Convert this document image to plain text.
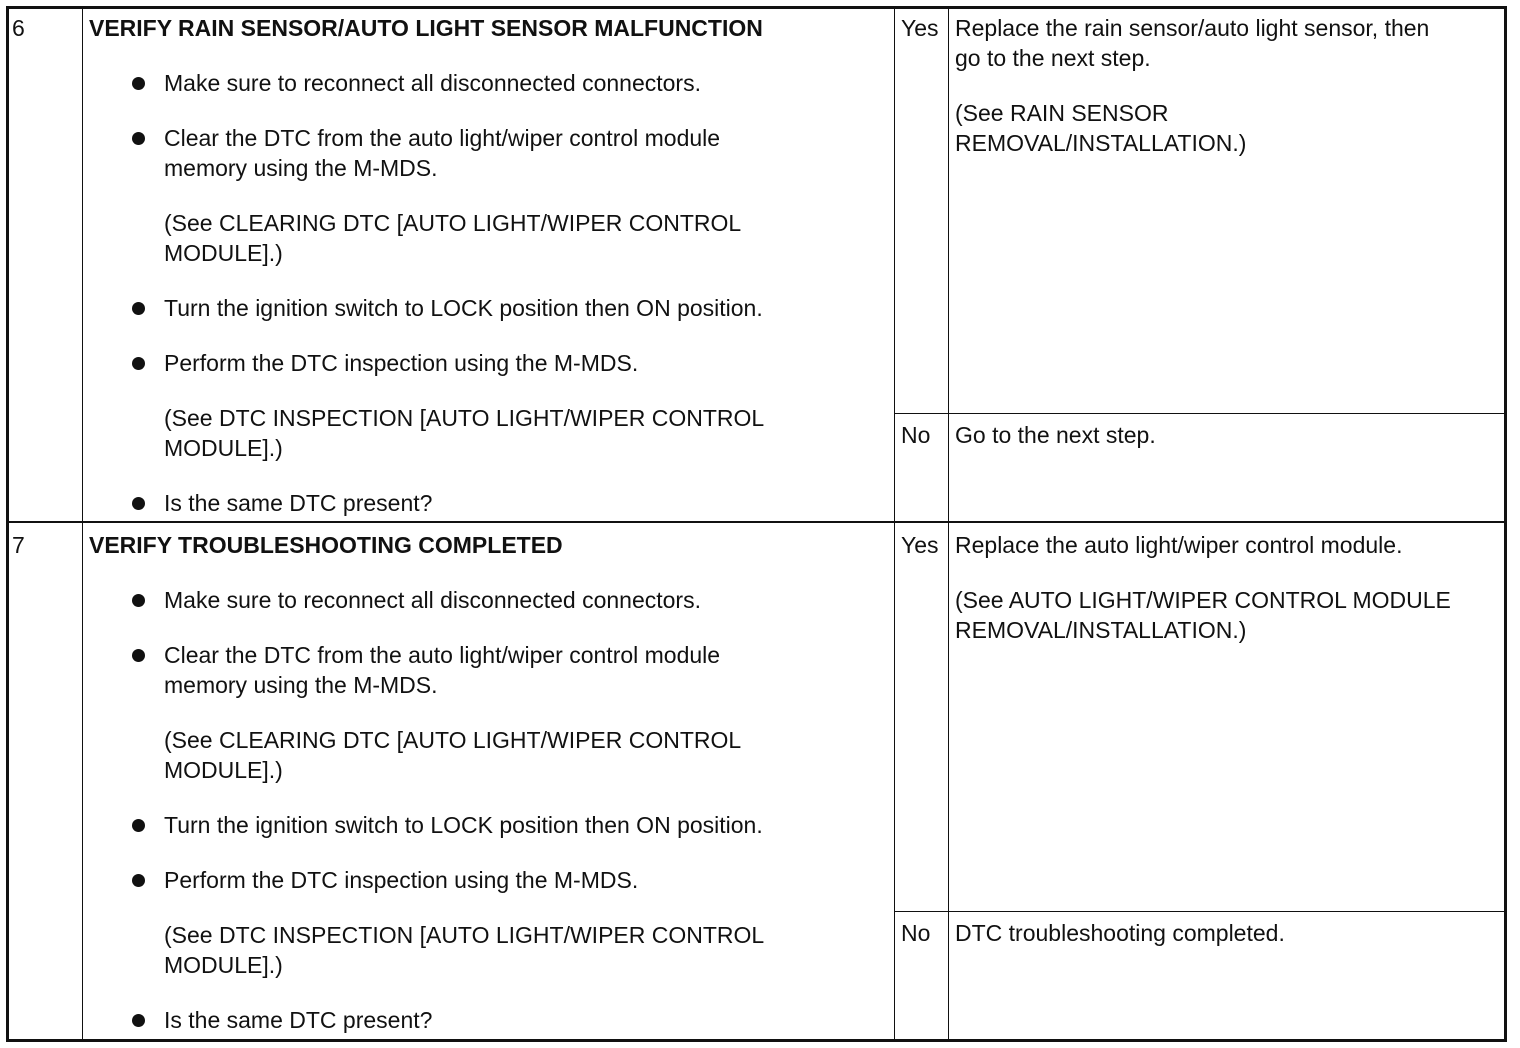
6	VERIFY RAIN SENSOR/AUTO LIGHT SENSOR MALFUNCTION
Make sure to reconnect all disconnected connectors.
Clear the DTC from the auto light/wiper control module
memory using the M-MDS.
(See CLEARING DTC [AUTO LIGHT/WIPER CONTROL
MODULE].)
Turn the ignition switch to LOCK position then ON position.
Perform the DTC inspection using the M-MDS.
(See DTC INSPECTION [AUTO LIGHT/WIPER CONTROL
MODULE].)
Is the same DTC present?
Yes Replace the rain sensor/auto light sensor, then
go to the next step.
(See RAIN SENSOR
REMOVAL/INSTALLATION.)
No Go to the next step.
7	VERIFY TROUBLESHOOTING COMPLETED
Make sure to reconnect all disconnected connectors.
Clear the DTC from the auto light/wiper control module
memory using the M-MDS.
(See CLEARING DTC [AUTO LIGHT/WIPER CONTROL
MODULE].)
Turn the ignition switch to LOCK position then ON position.
Perform the DTC inspection using the M-MDS.
(See DTC INSPECTION [AUTO LIGHT/WIPER CONTROL
MODULE].)
Is the same DTC present?
Yes Replace the auto light/wiper control module.
(See AUTO LIGHT/WIPER CONTROL MODULE
REMOVAL/INSTALLATION.)
No DTC troubleshooting completed.
